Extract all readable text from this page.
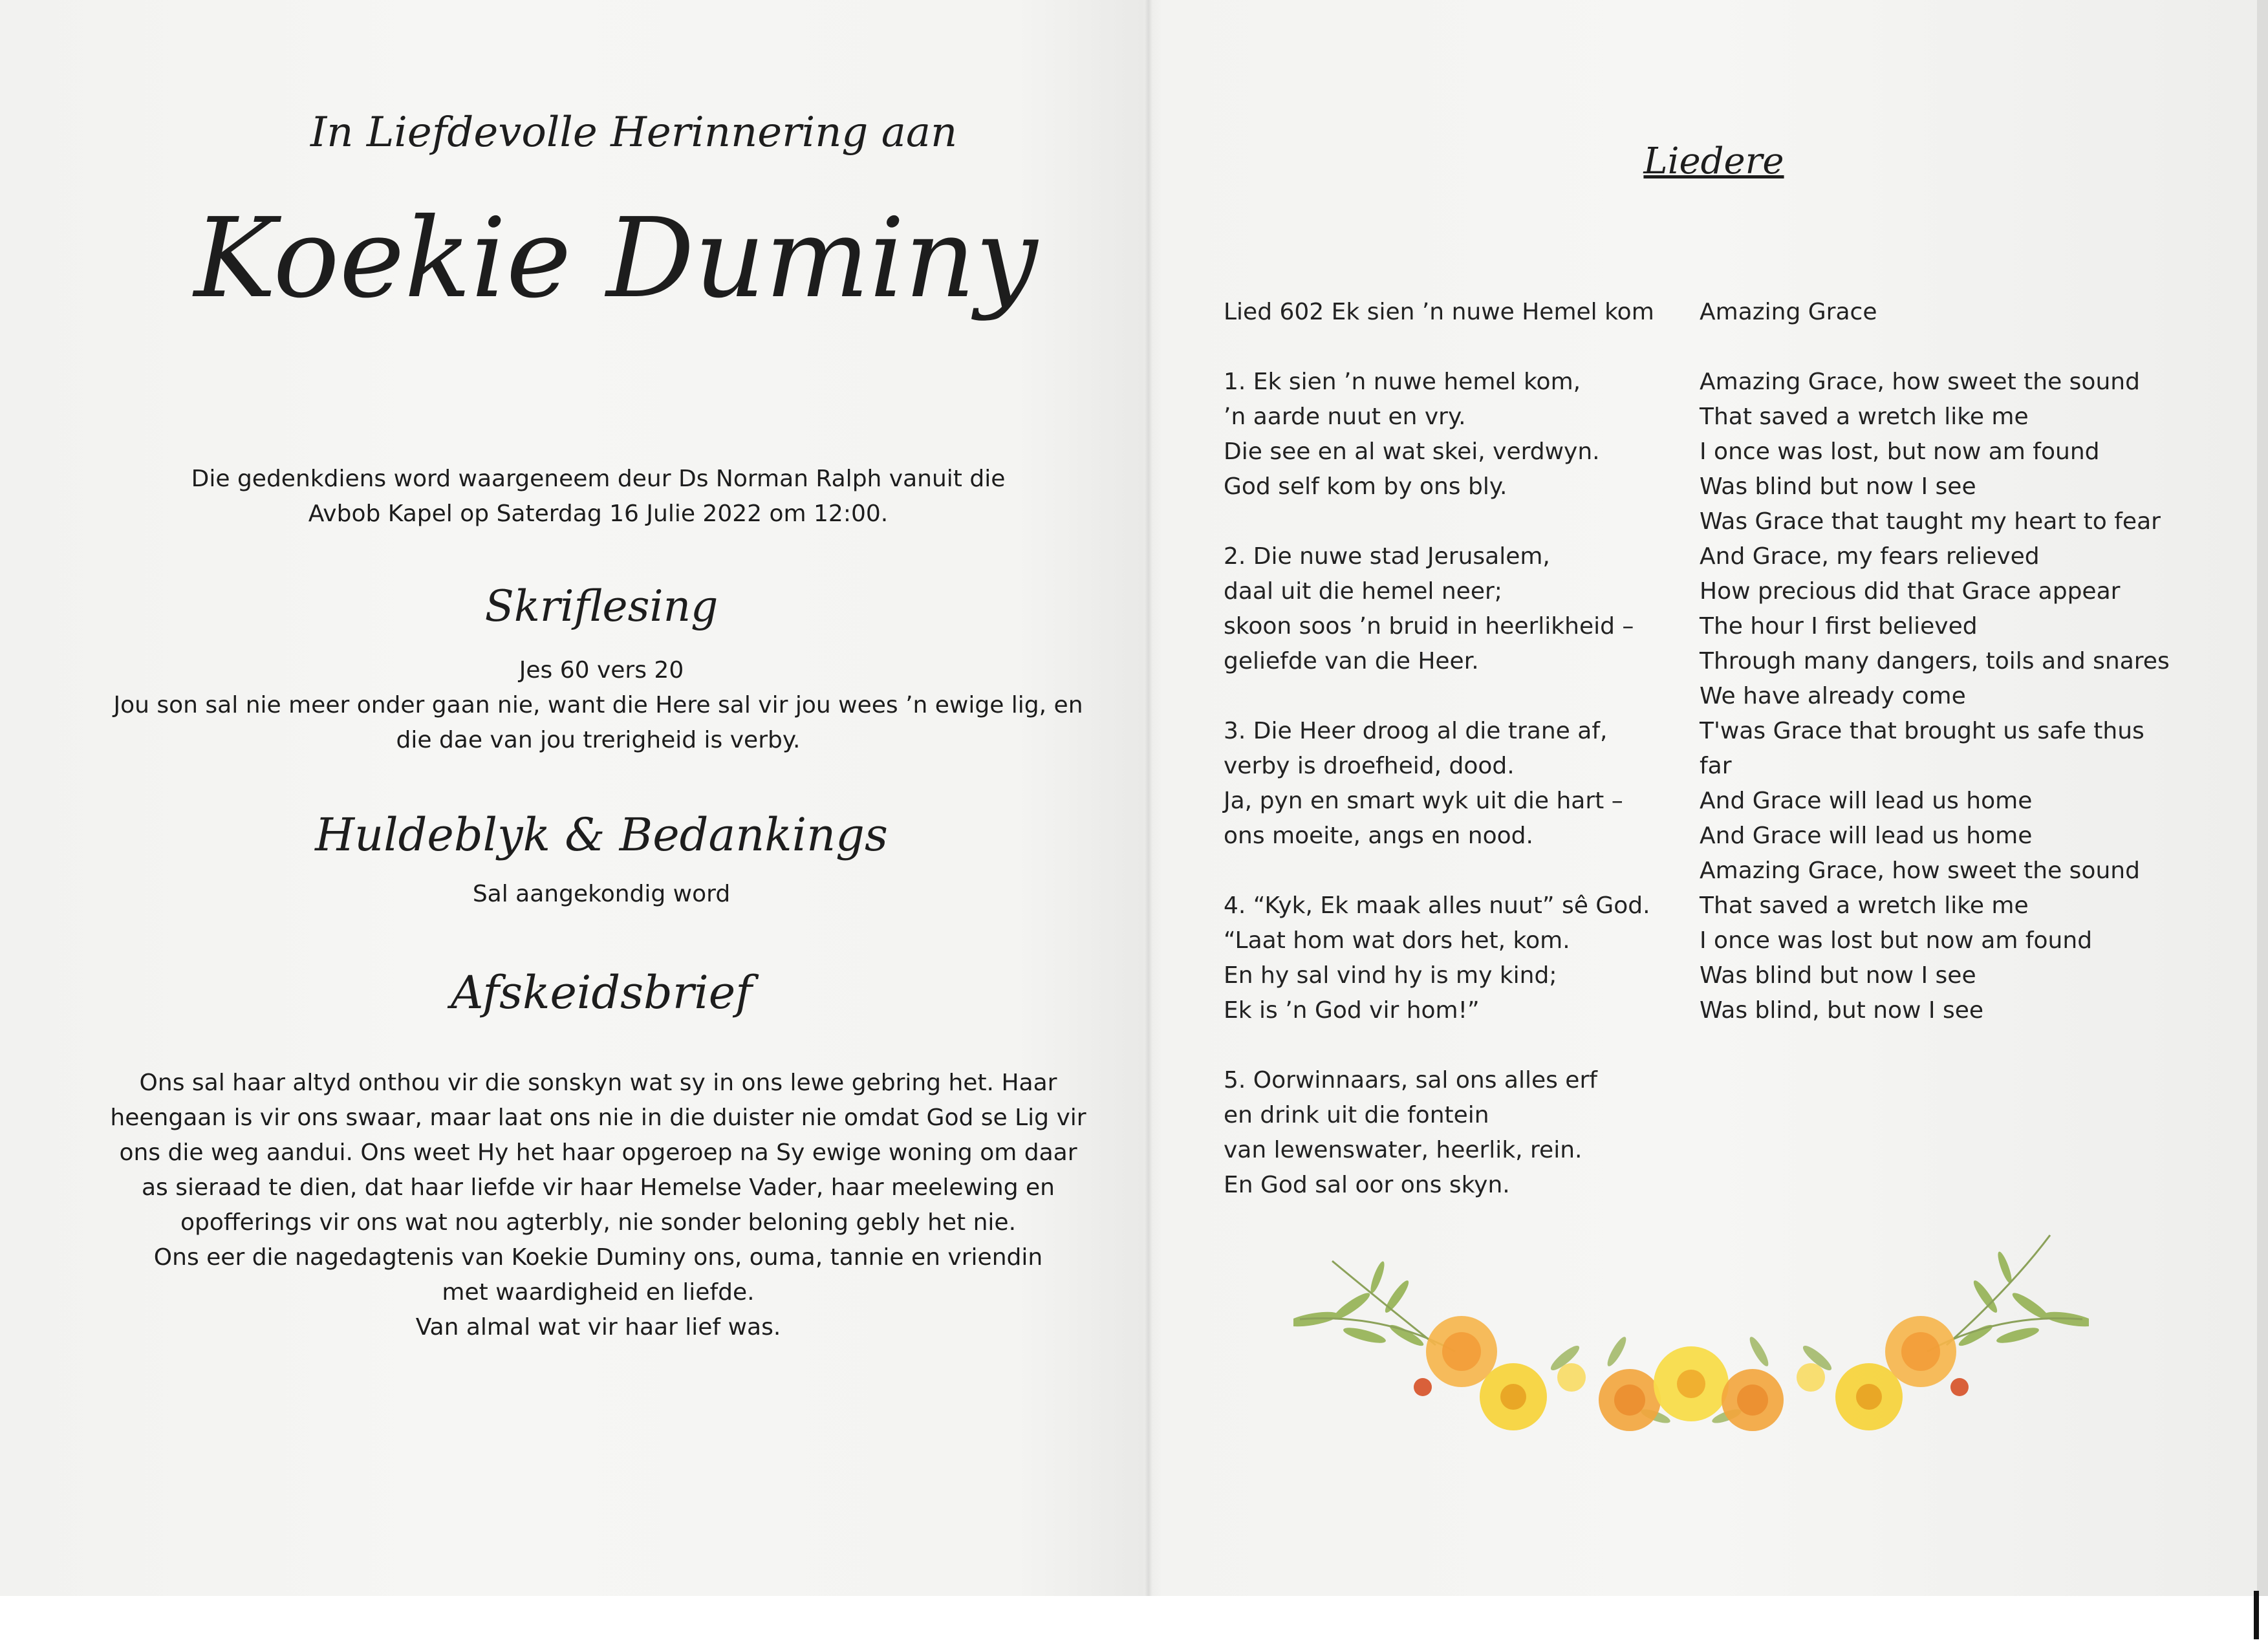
In Liefdevolle Herinnering aan
Koekie Duminy
Die gedenkdiens word waargeneem deur Ds Norman Ralph vanuit die
Avbob Kapel op Saterdag 16 Julie 2022 om 12:00.
Skriflesing
Jes 60 vers 20
Jou son sal nie meer onder gaan nie, want die Here sal vir jou wees ’n ewige lig, en
die dae van jou trerigheid is verby.
Huldeblyk & Bedankings
Sal aangekondig word
Afskeidsbrief
Ons sal haar altyd onthou vir die sonskyn wat sy in ons lewe gebring het. Haar
heengaan is vir ons swaar, maar laat ons nie in die duister nie omdat God se Lig vir
ons die weg aandui. Ons weet Hy het haar opgeroep na Sy ewige woning om daar
as sieraad te dien, dat haar liefde vir haar Hemelse Vader, haar meelewing en
opofferings vir ons wat nou agterbly, nie sonder beloning gebly het nie.
Ons eer die nagedagtenis van Koekie Duminy ons, ouma, tannie en vriendin
met waardigheid en liefde.
Van almal wat vir haar lief was.
Liedere
Lied 602 Ek sien ’n nuwe Hemel kom
1. Ek sien ’n nuwe hemel kom,
’n aarde nuut en vry.
Die see en al wat skei, verdwyn.
God self kom by ons bly.
2. Die nuwe stad Jerusalem,
daal uit die hemel neer;
skoon soos ’n bruid in heerlikheid –
geliefde van die Heer.
3. Die Heer droog al die trane af,
verby is droefheid, dood.
Ja, pyn en smart wyk uit die hart –
ons moeite, angs en nood.
4. “Kyk, Ek maak alles nuut” sê God.
“Laat hom wat dors het, kom.
En hy sal vind hy is my kind;
Ek is ’n God vir hom!”
5. Oorwinnaars, sal ons alles erf
en drink uit die fontein
van lewenswater, heerlik, rein.
En God sal oor ons skyn.
Amazing Grace
Amazing Grace, how sweet the sound
That saved a wretch like me
I once was lost, but now am found
Was blind but now I see
Was Grace that taught my heart to fear
And Grace, my fears relieved
How precious did that Grace appear
The hour I first believed
Through many dangers, toils and snares
We have already come
T'was Grace that brought us safe thus
far
And Grace will lead us home
And Grace will lead us home
Amazing Grace, how sweet the sound
That saved a wretch like me
I once was lost but now am found
Was blind but now I see
Was blind, but now I see
